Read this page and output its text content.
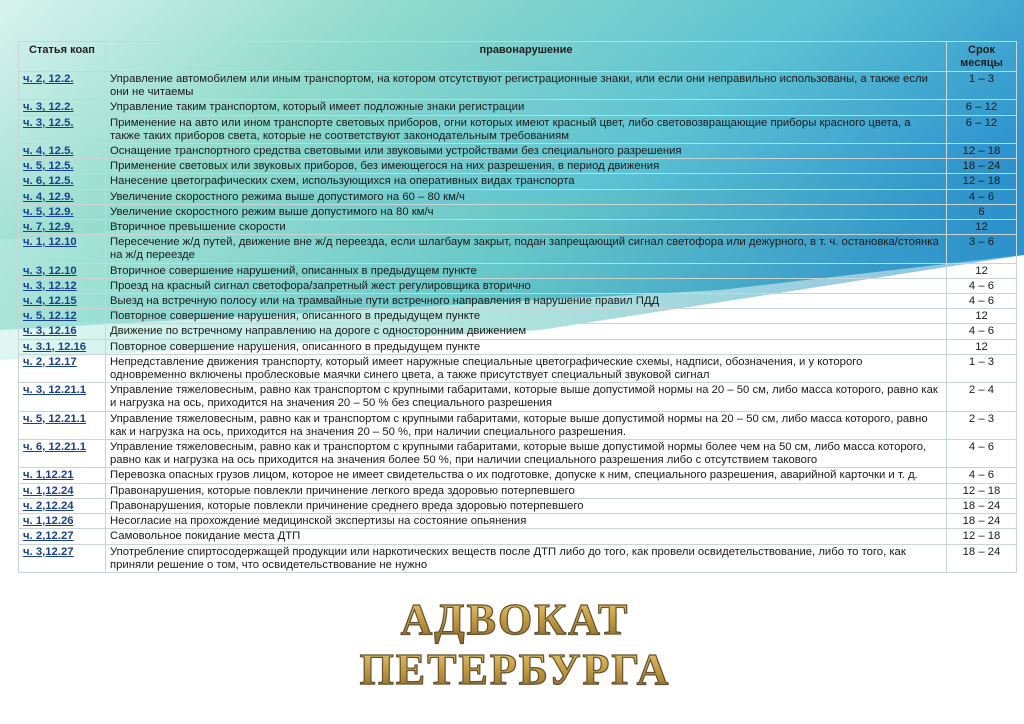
Статья коап	правонарушение	Срок месяцы
ч. 2, 12.2.	Управление автомобилем или иным транспортом, на котором отсутствуют регистрационные знаки, или если они неправильно использованы, а также если они не читаемы	1 – 3
ч. 3, 12.2.	Управление таким транспортом, который имеет подложные знаки регистрации	6 – 12
ч. 3, 12.5.	Применение на авто или ином транспорте световых приборов, огни которых имеют красный цвет, либо световозвращающие приборы красного цвета, а также таких приборов света, которые не соответствуют законодательным требованиям	6 – 12
ч. 4, 12.5.	Оснащение транспортного средства световыми или звуковыми устройствами без специального разрешения	12 – 18
ч. 5, 12.5.	Применение световых или звуковых приборов, без имеющегося на них разрешения, в период движения	18 – 24
ч. 6, 12.5.	Нанесение цветографических схем, использующихся на оперативных видах транспорта	12 – 18
ч. 4, 12.9.	Увеличение скоростного режима выше допустимого на 60 – 80 км/ч	4 – 6
ч. 5, 12.9.	Увеличение скоростного режим выше допустимого на 80 км/ч	6
ч. 7, 12.9.	Вторичное превышение скорости	12
ч. 1, 12.10	Пересечение ж/д путей, движение вне ж/д переезда, если шлагбаум закрыт, подан запрещающий сигнал светофора или дежурного, в т. ч. остановка/стоянка на ж/д переезде	3 – 6
ч. 3, 12.10	Вторичное совершение нарушений, описанных в предыдущем пункте	12
ч. 3, 12.12	Проезд на красный сигнал светофора/запретный жест регулировщика вторично	4 – 6
ч. 4, 12.15	Выезд на встречную полосу или на трамвайные пути встречного направления в нарушение правил ПДД	4 – 6
ч. 5, 12.12	Повторное совершение нарушения, описанного в предыдущем пункте	12
ч. 3, 12.16	Движение по встречному направлению на дороге с односторонним движением	4 – 6
ч. 3.1, 12.16	Повторное совершение нарушения, описанного в предыдущем пункте	12
ч. 2, 12.17	Непредставление движения транспорту, который имеет наружные специальные цветографические схемы, надписи, обозначения, и у которого одновременно включены проблесковые маячки синего цвета, а также присутствует специальный звуковой сигнал	1 – 3
ч. 3, 12.21.1	Управление тяжеловесным, равно как транспортом с крупными габаритами, которые выше допустимой нормы на 20 – 50 см, либо масса которого, равно как и нагрузка на ось, приходится на значения 20 – 50 % без специального разрешения	2 – 4
ч. 5, 12.21.1	Управление тяжеловесным, равно как и транспортом с крупными габаритами, которые выше допустимой нормы на 20 – 50 см, либо масса которого, равно как и нагрузка на ось, приходится на значения 20 – 50 %, при наличии специального разрешения.	2 – 3
ч. 6, 12.21.1	Управление тяжеловесным, равно как и транспортом с крупными габаритами, которые выше допустимой нормы более чем на 50 см, либо масса которого, равно как и нагрузка на ось приходится на значения более 50 %, при наличии специального разрешения либо с отсутствием такового	4 – 6
ч. 1,12.21	Перевозка опасных грузов лицом, которое не имеет свидетельства о их подготовке, допуске к ним, специального разрешения, аварийной карточки и т. д.	4 – 6
ч. 1,12.24	Правонарушения, которые повлекли причинение легкого вреда здоровью потерпевшего	12 – 18
ч. 2,12.24	Правонарушения, которые повлекли причинение среднего вреда здоровью потерпевшего	18 – 24
ч. 1,12.26	Несогласие на прохождение медицинской экспертизы на состояние опьянения	18 – 24
ч. 2,12.27	Самовольное покидание места ДТП	12 – 18
ч. 3,12.27	Употребление спиртосодержащей продукции или наркотических веществ после ДТП либо до того, как провели освидетельствование, либо то того, как приняли решение о том, что освидетельствование не нужно	18 – 24
АДВОКАТ
ПЕТЕРБУРГА
